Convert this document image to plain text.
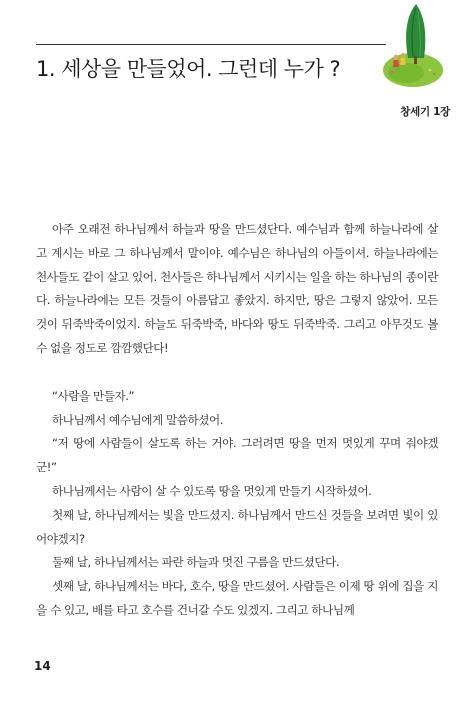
1. 세상을 만들었어. 그런데 누가 ?
창세기 1장

아주 오래전 하나님께서 하늘과 땅을 만드셨단다. 예수님과 함께 하늘나라에 살고 계시는 바로 그 하나님께서 말이야. 예수님은 하나님의 아들이셔. 하늘나라에는 천사들도 같이 살고 있어. 천사들은 하나님께서 시키시는 일을 하는 하나님의 종이란다. 하늘나라에는 모든 것들이 아름답고 좋았지. 하지만, 땅은 그렇지 않았어. 모든 것이 뒤죽박죽이었지. 하늘도 뒤죽박죽, 바다와 땅도 뒤죽박죽. 그리고 아무것도 볼 수 없을 정도로 깜깜했단다!

“사람을 만들자.”

하나님께서 예수님에게 말씀하셨어.

“저 땅에 사람들이 살도록 하는 거야. 그러려면 땅을 먼저 멋있게 꾸며 줘야겠군!”

하나님께서는 사람이 살 수 있도록 땅을 멋있게 만들기 시작하셨어.

첫째 날, 하나님께서는 빛을 만드셨지. 하나님께서 만드신 것들을 보려면 빛이 있어야겠지?

둘째 날, 하나님께서는 파란 하늘과 멋진 구름을 만드셨단다.

셋째 날, 하나님께서는 바다, 호수, 땅을 만드셨어. 사람들은 이제 땅 위에 집을 지을 수 있고, 배를 타고 호수를 건너갈 수도 있겠지. 그리고 하나님께

14
